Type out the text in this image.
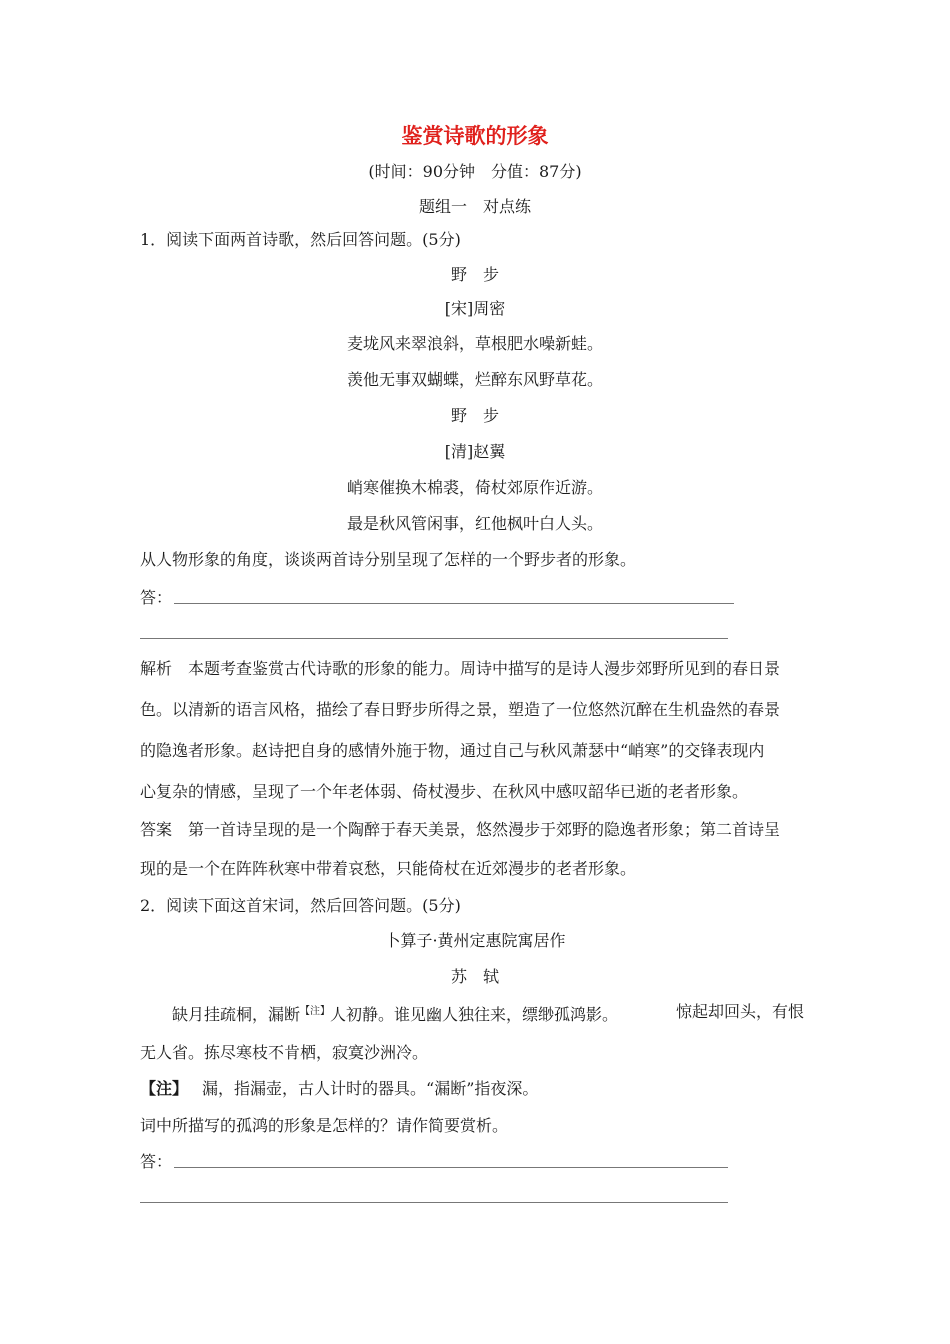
鉴赏诗歌的形象
(时间：90分钟　分值：87分)
题组一　对点练
1．阅读下面两首诗歌，然后回答问题。(5分)
野　步
[宋]周密
麦垅风来翠浪斜，草根肥水噪新蛙。
羡他无事双蝴蝶，烂醉东风野草花。
野　步
[清]赵翼
峭寒催换木棉裘，倚杖郊原作近游。
最是秋风管闲事，红他枫叶白人头。
从人物形象的角度，谈谈两首诗分别呈现了怎样的一个野步者的形象。
答：
解析　本题考查鉴赏古代诗歌的形象的能力。周诗中描写的是诗人漫步郊野所见到的春日景
色。以清新的语言风格，描绘了春日野步所得之景，塑造了一位悠然沉醉在生机盎然的春景
的隐逸者形象。赵诗把自身的感情外施于物，通过自己与秋风萧瑟中“峭寒”的交锋表现内
心复杂的情感，呈现了一个年老体弱、倚杖漫步、在秋风中感叹韶华已逝的老者形象。
答案　第一首诗呈现的是一个陶醉于春天美景，悠然漫步于郊野的隐逸者形象；第二首诗呈
现的是一个在阵阵秋寒中带着哀愁，只能倚杖在近郊漫步的老者形象。
2．阅读下面这首宋词，然后回答问题。(5分)
卜算子·黄州定惠院寓居作
苏　轼
缺月挂疏桐，漏断$^{【注】}$人初静。谁见幽人独往来，缥缈孤鸿影。	惊起却回头，有恨
无人省。拣尽寒枝不肯栖，寂寞沙洲冷。
【注】 漏，指漏壶，古人计时的器具。“漏断”指夜深。
词中所描写的孤鸿的形象是怎样的？请作简要赏析。
答：
